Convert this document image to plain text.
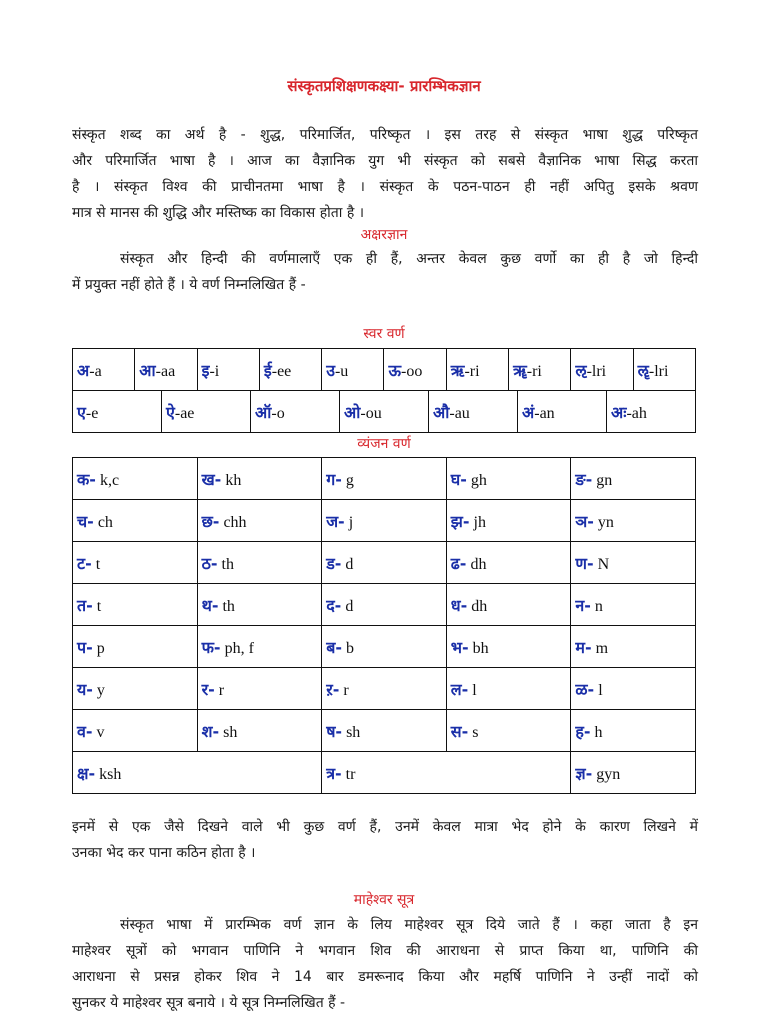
संस्कृतप्रशिक्षणकक्ष्या- प्रारम्भिकज्ञान
संस्कृत शब्द का अर्थ है - शुद्ध, परिमार्जित, परिष्कृत । इस तरह से संस्कृत भाषा शुद्ध परिष्कृत
और परिमार्जित भाषा है । आज का वैज्ञानिक युग भी संस्कृत को सबसे वैज्ञानिक भाषा सिद्ध करता
है । संस्कृत विश्व की प्राचीनतमा भाषा है । संस्कृत के पठन-पाठन ही नहीं अपितु इसके श्रवण
मात्र से मानस की शुद्धि और मस्तिष्क का विकास होता है ।
अक्षरज्ञान
संस्कृत और हिन्दी की वर्णमालाएँ एक ही हैं, अन्तर केवल कुछ वर्णो का ही है जो हिन्दी
में प्रयुक्त नहीं होते हैं । ये वर्ण निम्नलिखित हैं -
स्वर वर्ण
अ-a	आ-aa	इ-i	ई-ee	उ-u	ऊ-oo	ऋ-ri	ॠ-ri	ऌ-lri	ॡ-lri
ए-e	ऐ-ae	ऑ-o	ओ-ou	औ-au	अं-an	अः-ah
व्यंजन वर्ण
क- k,c	ख- kh	ग- g	घ- gh	ङ- gn
च- ch	छ- chh	ज- j	झ- jh	ञ- yn
ट- t	ठ- th	ड- d	ढ- dh	ण- N
त- t	थ- th	द- d	ध- dh	न- n
प- p	फ- ph, f	ब- b	भ- bh	म- m
य- y	र- r	ऱ- r	ल- l	ळ- l
व- v	श- sh	ष- sh	स- s	ह- h
क्ष- ksh		त्र- tr		ज्ञ- gyn
इनमें से एक जैसे दिखने वाले भी कुछ वर्ण हैं, उनमें केवल मात्रा भेद होने के कारण लिखने में
उनका भेद कर पाना कठिन होता है ।
माहेश्वर सूत्र
संस्कृत भाषा में प्रारम्भिक वर्ण ज्ञान के लिय माहेश्वर सूत्र दिये जाते हैं । कहा जाता है इन
माहेश्वर सूत्रों को भगवान पाणिनि ने भगवान शिव की आराधना से प्राप्त किया था, पाणिनि की
आराधना से प्रसन्न होकर शिव ने 14 बार डमरूनाद किया और महर्षि पाणिनि ने उन्हीं नादों को
सुनकर ये माहेश्वर सूत्र बनाये । ये सूत्र निम्नलिखित हैं -
